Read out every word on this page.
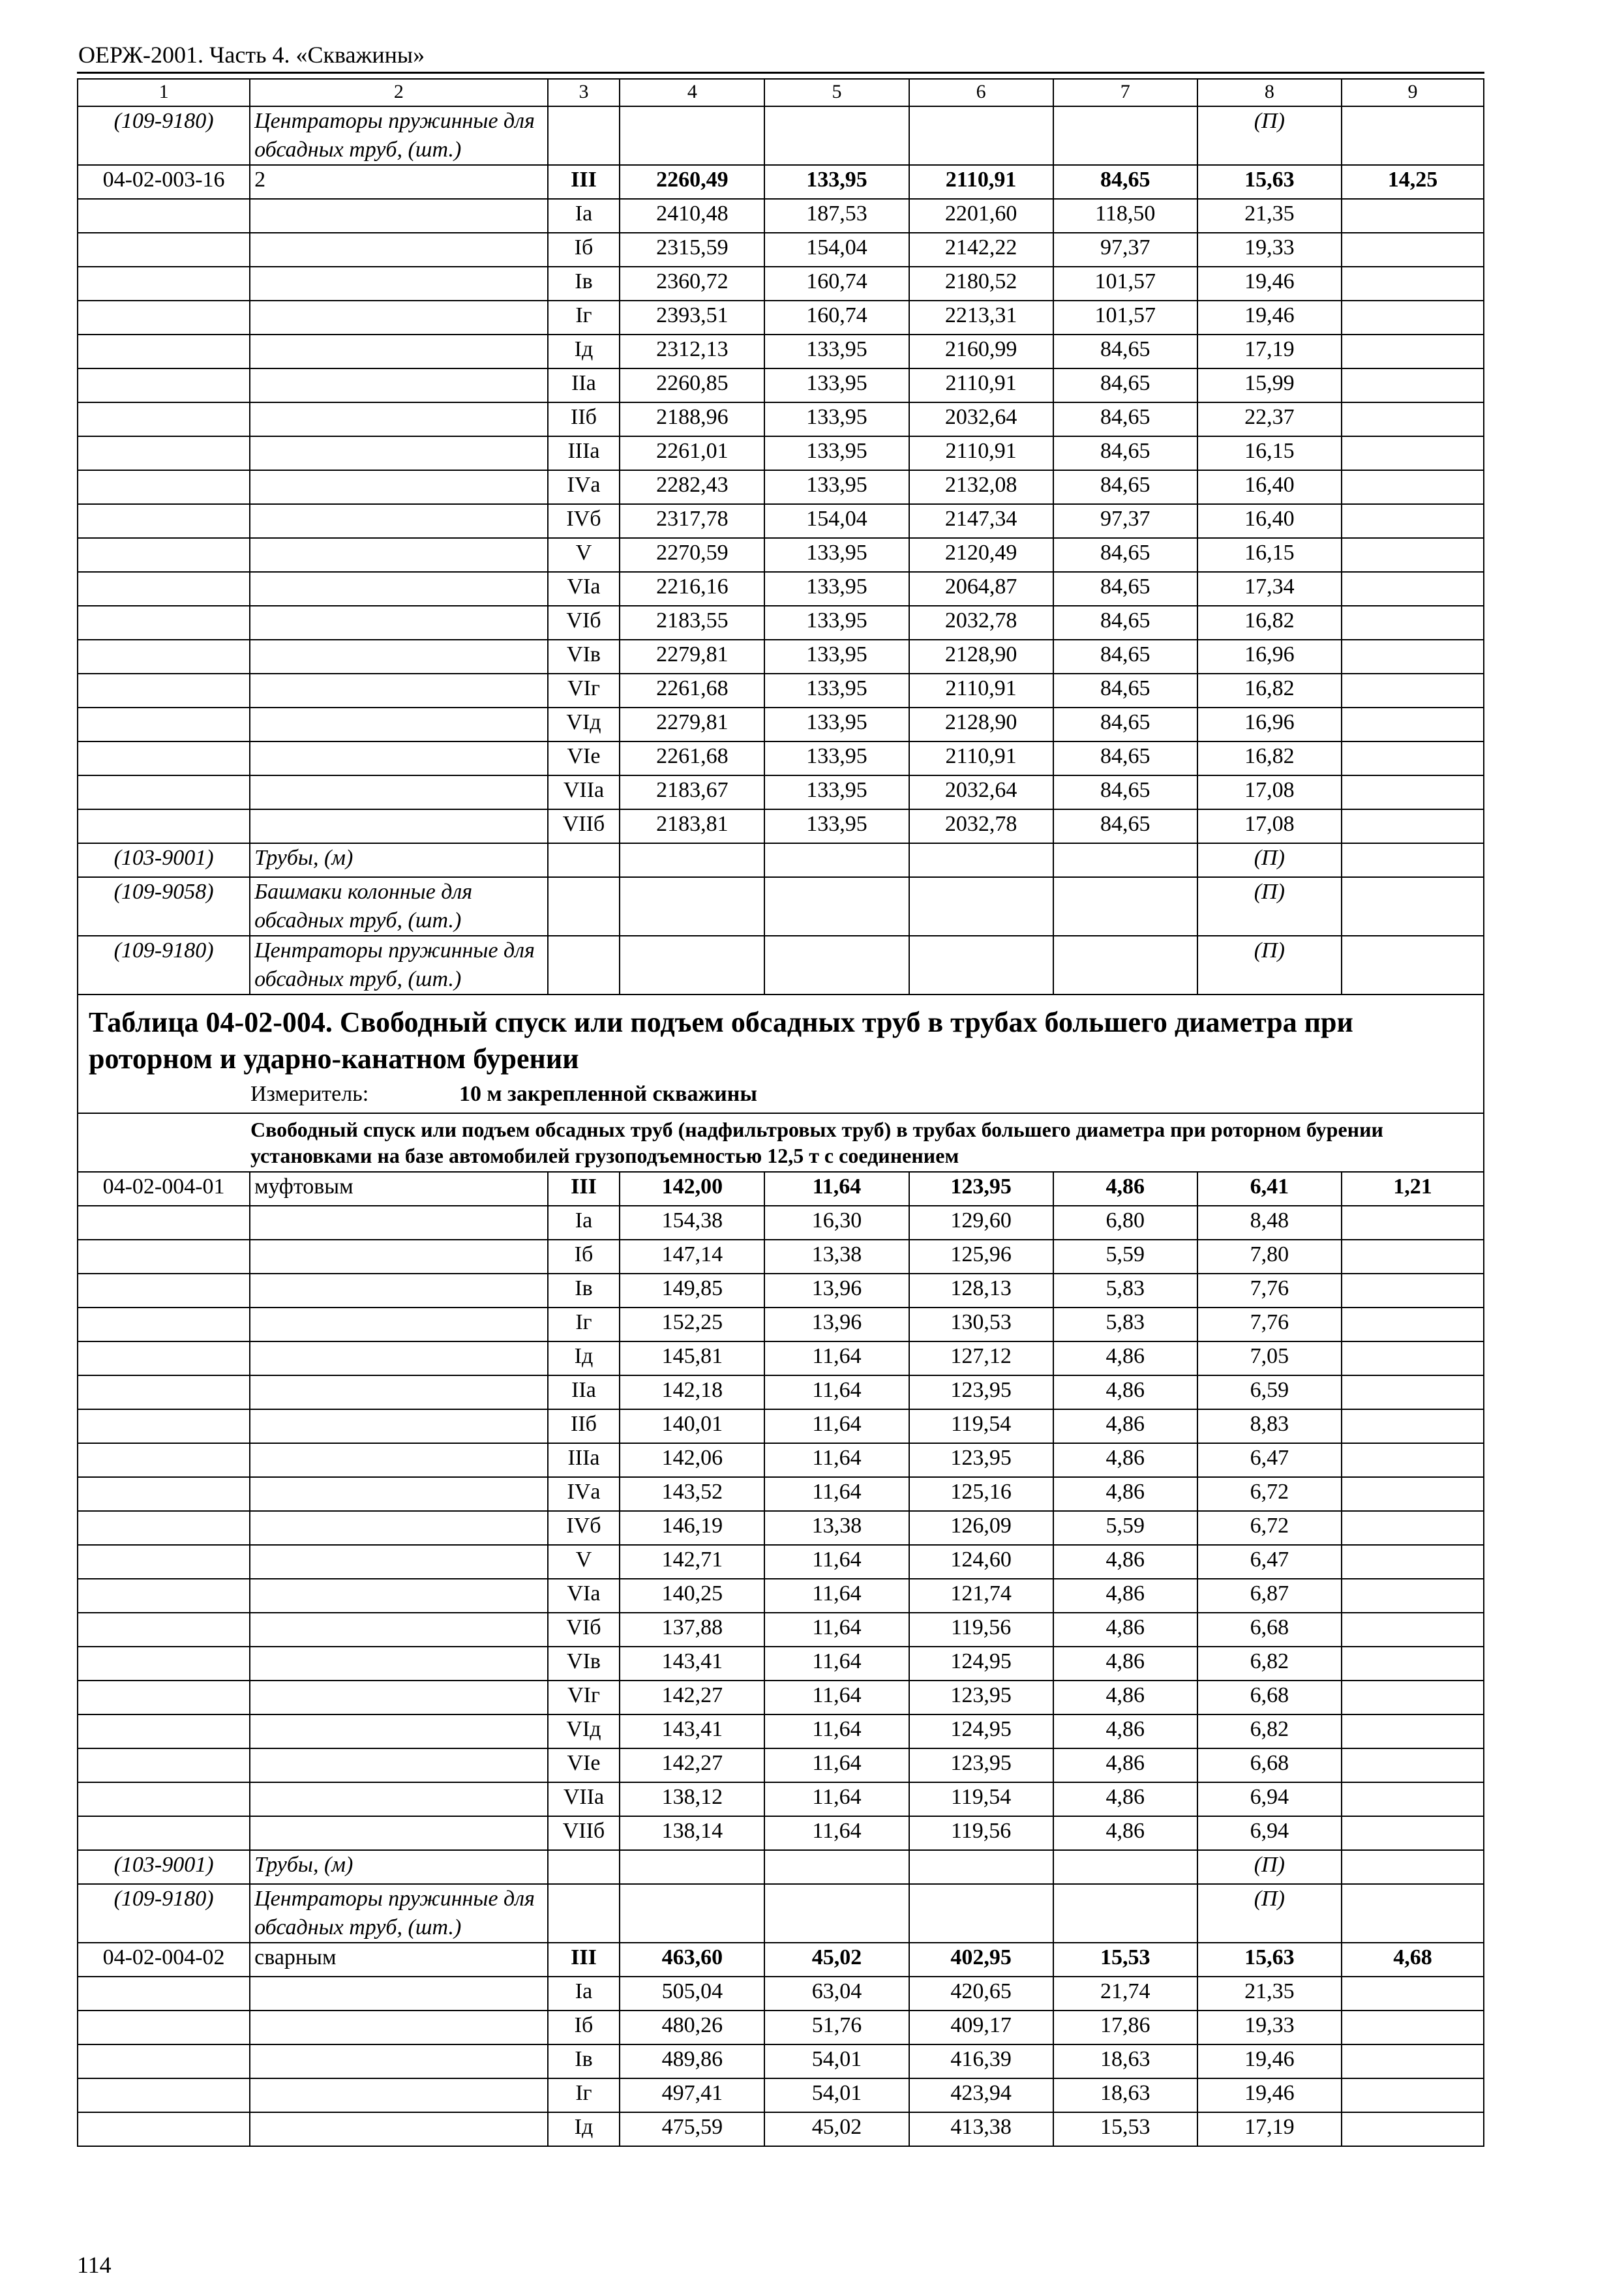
ОЕРЖ-2001. Часть 4. «Скважины»
1	2	3	4	5	6	7	8	9
(109-9180)	Центраторы пружинные для обсадных труб, (шт.)						(П)	
04-02-003-16	2	III	2260,49	133,95	2110,91	84,65	15,63	14,25
		Iа	2410,48	187,53	2201,60	118,50	21,35	
		Iб	2315,59	154,04	2142,22	97,37	19,33	
		Iв	2360,72	160,74	2180,52	101,57	19,46	
		Iг	2393,51	160,74	2213,31	101,57	19,46	
		Iд	2312,13	133,95	2160,99	84,65	17,19	
		IIа	2260,85	133,95	2110,91	84,65	15,99	
		IIб	2188,96	133,95	2032,64	84,65	22,37	
		IIIа	2261,01	133,95	2110,91	84,65	16,15	
		IVа	2282,43	133,95	2132,08	84,65	16,40	
		IVб	2317,78	154,04	2147,34	97,37	16,40	
		V	2270,59	133,95	2120,49	84,65	16,15	
		VIа	2216,16	133,95	2064,87	84,65	17,34	
		VIб	2183,55	133,95	2032,78	84,65	16,82	
		VIв	2279,81	133,95	2128,90	84,65	16,96	
		VIг	2261,68	133,95	2110,91	84,65	16,82	
		VIд	2279,81	133,95	2128,90	84,65	16,96	
		VIе	2261,68	133,95	2110,91	84,65	16,82	
		VIIа	2183,67	133,95	2032,64	84,65	17,08	
		VIIб	2183,81	133,95	2032,78	84,65	17,08	
(103-9001)	Трубы, (м)						(П)	
(109-9058)	Башмаки колонные для обсадных труб, (шт.)						(П)	
(109-9180)	Центраторы пружинные для обсадных труб, (шт.)						(П)	

Таблица 04-02-004. Свободный спуск или подъем обсадных труб в трубах большего диаметра при роторном и ударно-канатном бурении
Измеритель: 10 м закрепленной скважины								

Свободный спуск или подъем обсадных труб (надфильтровых труб) в трубах большего диаметра при роторном бурении установками на базе автомобилей грузоподъемностью 12,5 т с соединением								

04-02-004-01	муфтовым	III	142,00	11,64	123,95	4,86	6,41	1,21
		Iа	154,38	16,30	129,60	6,80	8,48	
		Iб	147,14	13,38	125,96	5,59	7,80	
		Iв	149,85	13,96	128,13	5,83	7,76	
		Iг	152,25	13,96	130,53	5,83	7,76	
		Iд	145,81	11,64	127,12	4,86	7,05	
		IIа	142,18	11,64	123,95	4,86	6,59	
		IIб	140,01	11,64	119,54	4,86	8,83	
		IIIа	142,06	11,64	123,95	4,86	6,47	
		IVа	143,52	11,64	125,16	4,86	6,72	
		IVб	146,19	13,38	126,09	5,59	6,72	
		V	142,71	11,64	124,60	4,86	6,47	
		VIа	140,25	11,64	121,74	4,86	6,87	
		VIб	137,88	11,64	119,56	4,86	6,68	
		VIв	143,41	11,64	124,95	4,86	6,82	
		VIг	142,27	11,64	123,95	4,86	6,68	
		VIд	143,41	11,64	124,95	4,86	6,82	
		VIе	142,27	11,64	123,95	4,86	6,68	
		VIIа	138,12	11,64	119,54	4,86	6,94	
		VIIб	138,14	11,64	119,56	4,86	6,94	
(103-9001)	Трубы, (м)						(П)	
(109-9180)	Центраторы пружинные для обсадных труб, (шт.)						(П)	
04-02-004-02	сварным	III	463,60	45,02	402,95	15,53	15,63	4,68
		Iа	505,04	63,04	420,65	21,74	21,35	
		Iб	480,26	51,76	409,17	17,86	19,33	
		Iв	489,86	54,01	416,39	18,63	19,46	
		Iг	497,41	54,01	423,94	18,63	19,46	
		Iд	475,59	45,02	413,38	15,53	17,19	
114
